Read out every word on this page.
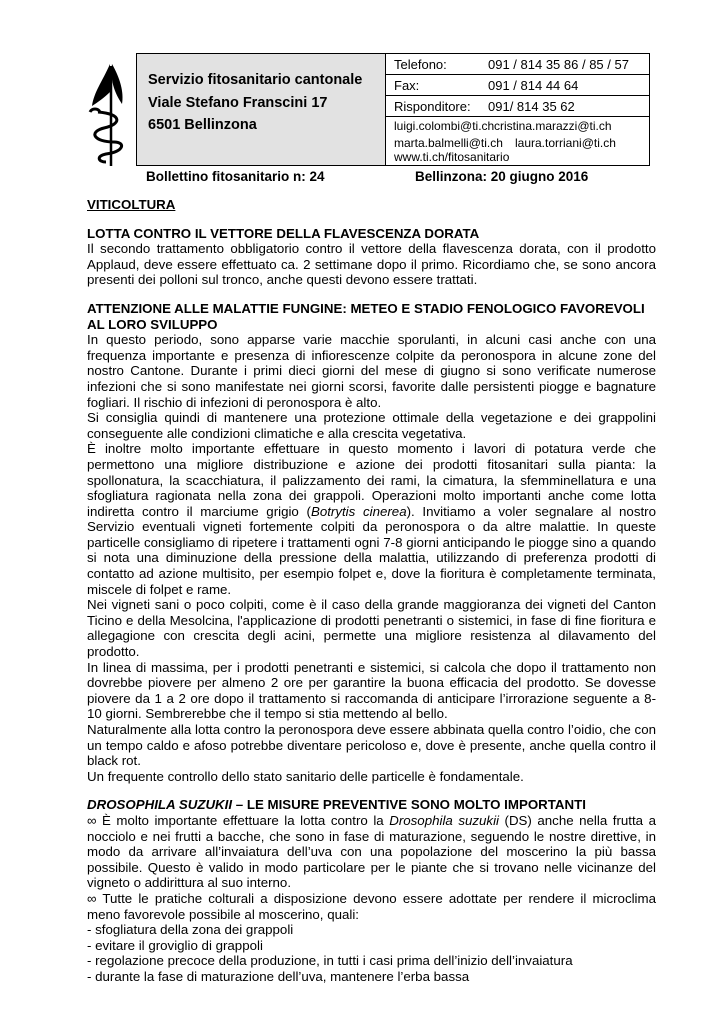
Servizio fitosanitario cantonale
Viale Stefano Franscini 17
6501 Bellinzona
Telefono:	091 / 814 35 86 / 85 / 57
Fax:	091 / 814 44 64
Risponditore: 091/ 814 35 62
luigi.colombi@ti.chcristina.marazzi@ti.ch
marta.balmelli@ti.ch laura.torriani@ti.ch
www.ti.ch/fitosanitario
Bollettino fitosanitario n: 24	Bellinzona: 20 giugno 2016
VITICOLTURA

LOTTA CONTRO IL VETTORE DELLA FLAVESCENZA DORATA

Il secondo trattamento obbligatorio contro il vettore della flavescenza dorata, con il prodotto Applaud, deve essere effettuato ca. 2 settimane dopo il primo. Ricordiamo che, se sono ancora presenti dei polloni sul tronco, anche questi devono essere trattati.

ATTENZIONE ALLE MALATTIE FUNGINE: METEO E STADIO FENOLOGICO FAVOREVOLI AL LORO SVILUPPO

In questo periodo, sono apparse varie macchie sporulanti, in alcuni casi anche con una frequenza importante e presenza di infiorescenze colpite da peronospora in alcune zone del nostro Cantone. Durante i primi dieci giorni del mese di giugno si sono verificate numerose infezioni che si sono manifestate nei giorni scorsi, favorite dalle persistenti piogge e bagnature fogliari. Il rischio di infezioni di peronospora è alto.

Si consiglia quindi di mantenere una protezione ottimale della vegetazione e dei grappolini conseguente alle condizioni climatiche e alla crescita vegetativa.

È inoltre molto importante effettuare in questo momento i lavori di potatura verde che permettono una migliore distribuzione e azione dei prodotti fitosanitari sulla pianta: la spollonatura, la scacchiatura, il palizzamento dei rami, la cimatura, la sfemminellatura e una sfogliatura ragionata nella zona dei grappoli. Operazioni molto importanti anche come lotta indiretta contro il marciume grigio (Botrytis cinerea). Invitiamo a voler segnalare al nostro Servizio eventuali vigneti fortemente colpiti da peronospora o da altre malattie. In queste particelle consigliamo di ripetere i trattamenti ogni 7-8 giorni anticipando le piogge sino a quando si nota una diminuzione della pressione della malattia, utilizzando di preferenza prodotti di contatto ad azione multisito, per esempio folpet e, dove la fioritura è completamente terminata, miscele di folpet e rame.

Nei vigneti sani o poco colpiti, come è il caso della grande maggioranza dei vigneti del Canton Ticino e della Mesolcina, l'applicazione di prodotti penetranti o sistemici, in fase di fine fioritura e allegagione con crescita degli acini, permette una migliore resistenza al dilavamento del prodotto.

In linea di massima, per i prodotti penetranti e sistemici, si calcola che dopo il trattamento non dovrebbe piovere per almeno 2 ore per garantire la buona efficacia del prodotto. Se dovesse piovere da 1 a 2 ore dopo il trattamento si raccomanda di anticipare l’irrorazione seguente a 8-10 giorni. Sembrerebbe che il tempo si stia mettendo al bello.

Naturalmente alla lotta contro la peronospora deve essere abbinata quella contro l’oidio, che con un tempo caldo e afoso potrebbe diventare pericoloso e, dove è presente, anche quella contro il black rot.

Un frequente controllo dello stato sanitario delle particelle è fondamentale.

DROSOPHILA SUZUKII – LE MISURE PREVENTIVE SONO MOLTO IMPORTANTI

∞ È molto importante effettuare la lotta contro la Drosophila suzukii (DS) anche nella frutta a nocciolo e nei frutti a bacche, che sono in fase di maturazione, seguendo le nostre direttive, in modo da arrivare all’invaiatura dell’uva con una popolazione del moscerino la più bassa possibile. Questo è valido in modo particolare per le piante che si trovano nelle vicinanze del vigneto o addirittura al suo interno.

∞ Tutte le pratiche colturali a disposizione devono essere adottate per rendere il microclima meno favorevole possibile al moscerino, quali:

- sfogliatura della zona dei grappoli

- evitare il groviglio di grappoli

- regolazione precoce della produzione, in tutti i casi prima dell’inizio dell’invaiatura

- durante la fase di maturazione dell’uva, mantenere l’erba bassa
